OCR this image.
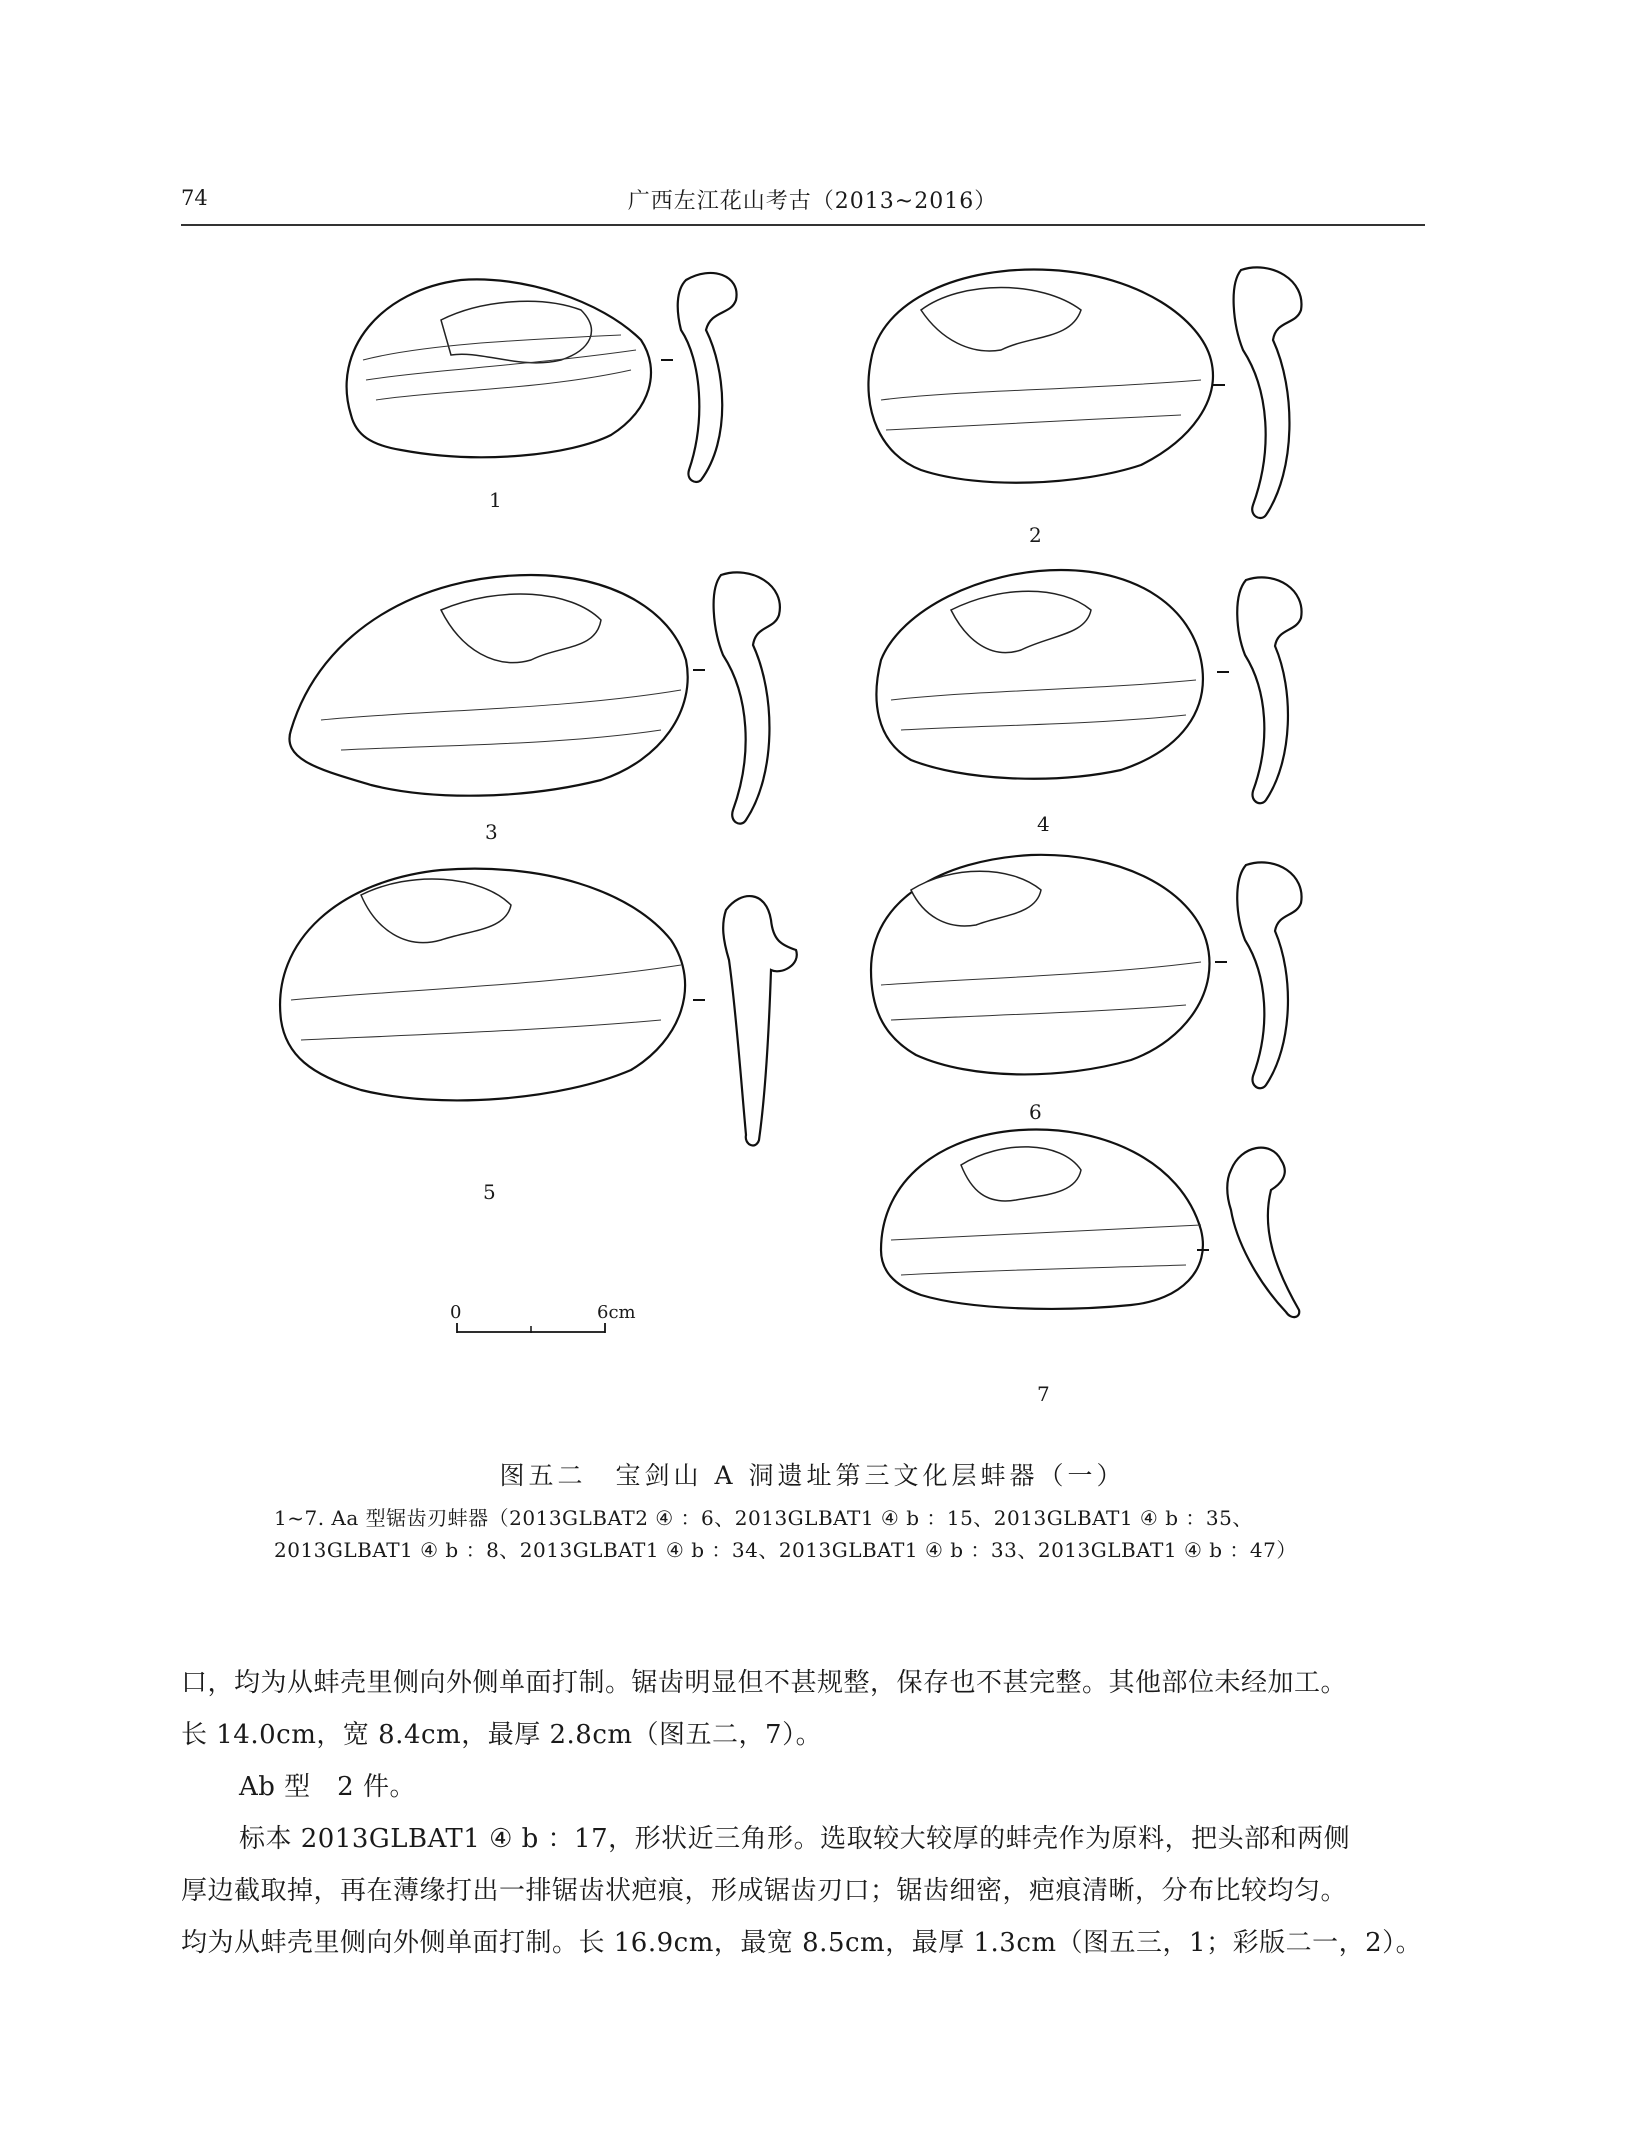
74	广西左江花山考古（2013~2016）
1
2
3	4
5
6
7
0	6cm
图五二　宝剑山 A 洞遗址第三文化层蚌器（一）
1~7. Aa 型锯齿刃蚌器（2013GLBAT2 ④ ：6、2013GLBAT1 ④ b ：15、2013GLBAT1 ④ b ：35、
2013GLBAT1 ④ b ：8、2013GLBAT1 ④ b ：34、2013GLBAT1 ④ b ：33、2013GLBAT1 ④ b ：47）
口，均为从蚌壳里侧向外侧单面打制。锯齿明显但不甚规整，保存也不甚完整。其他部位未经加工。
长 14.0cm，宽 8.4cm，最厚 2.8cm（图五二，7）。
Ab 型　2 件。
标本 2013GLBAT1 ④ b ：17，形状近三角形。选取较大较厚的蚌壳作为原料，把头部和两侧
厚边截取掉，再在薄缘打出一排锯齿状疤痕，形成锯齿刃口；锯齿细密，疤痕清晰，分布比较均匀。
均为从蚌壳里侧向外侧单面打制。长 16.9cm，最宽 8.5cm，最厚 1.3cm（图五三，1；彩版二一，2）。
